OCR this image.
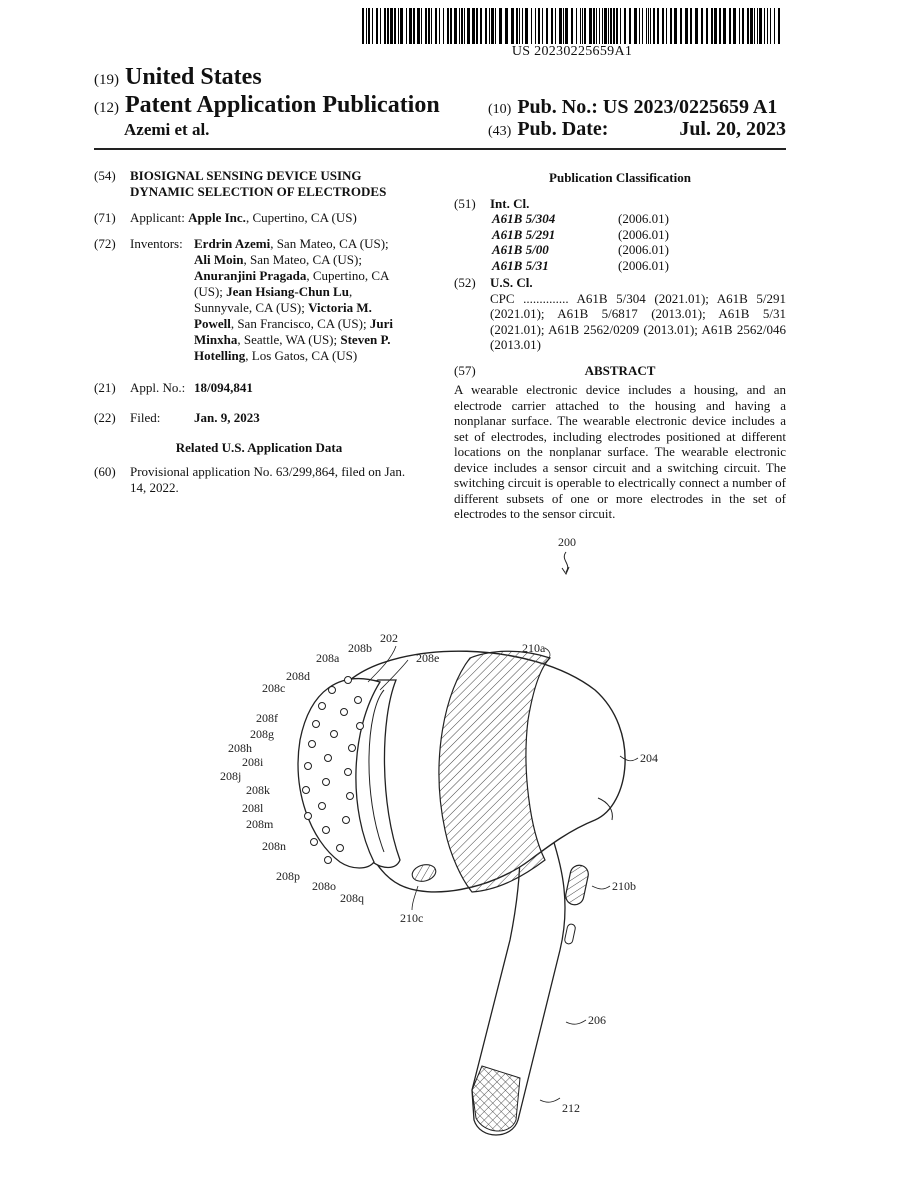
US 20230225659A1
(19) United States
(12) Patent Application Publication
Azemi et al.
(10) Pub. No.: US 2023/0225659 A1
(43) Pub. Date:	Jul. 20, 2023
(54) BIOSIGNAL SENSING DEVICE USING
DYNAMIC SELECTION OF ELECTRODES
(71) Applicant: Apple Inc., Cupertino, CA (US)
(72) Inventors: Erdrin Azemi, San Mateo, CA (US);
Ali Moin, San Mateo, CA (US);
Anuranjini Pragada, Cupertino, CA
(US); Jean Hsiang-Chun Lu,
Sunnyvale, CA (US); Victoria M.
Powell, San Francisco, CA (US); Juri
Minxha, Seattle, WA (US); Steven P.
Hotelling, Los Gatos, CA (US)
(21) Appl. No.: 18/094,841
(22) Filed:	Jan. 9, 2023
Related U.S. Application Data
(60) Provisional application No. 63/299,864, filed on Jan. 14, 2022.
Publication Classification
(51)	Int. Cl.
A61B 5/304	(2006.01)
A61B 5/291	(2006.01)
A61B 5/00	(2006.01)
A61B 5/31	(2006.01)
(52)	U.S. Cl.
CPC .............. A61B 5/304 (2021.01); A61B 5/291 (2021.01); A61B 5/6817 (2013.01); A61B 5/31 (2021.01); A61B 2562/0209 (2013.01); A61B 2562/046 (2013.01)
(57)	ABSTRACT
A wearable electronic device includes a housing, and an electrode carrier attached to the housing and having a nonplanar surface. The wearable electronic device includes a set of electrodes, including electrodes positioned at different locations on the nonplanar surface. The wearable electronic device includes a sensor circuit and a switching circuit. The switching circuit is operable to electrically connect a number of different subsets of one or more electrodes in the set of electrodes to the sensor circuit.
200
202
204
206
208a
208b
208c
208d
208e
208f
208g
208h
208i
208j
208k
208l
208m
208n
208o
208p
208q
210a
210b
210c
212
